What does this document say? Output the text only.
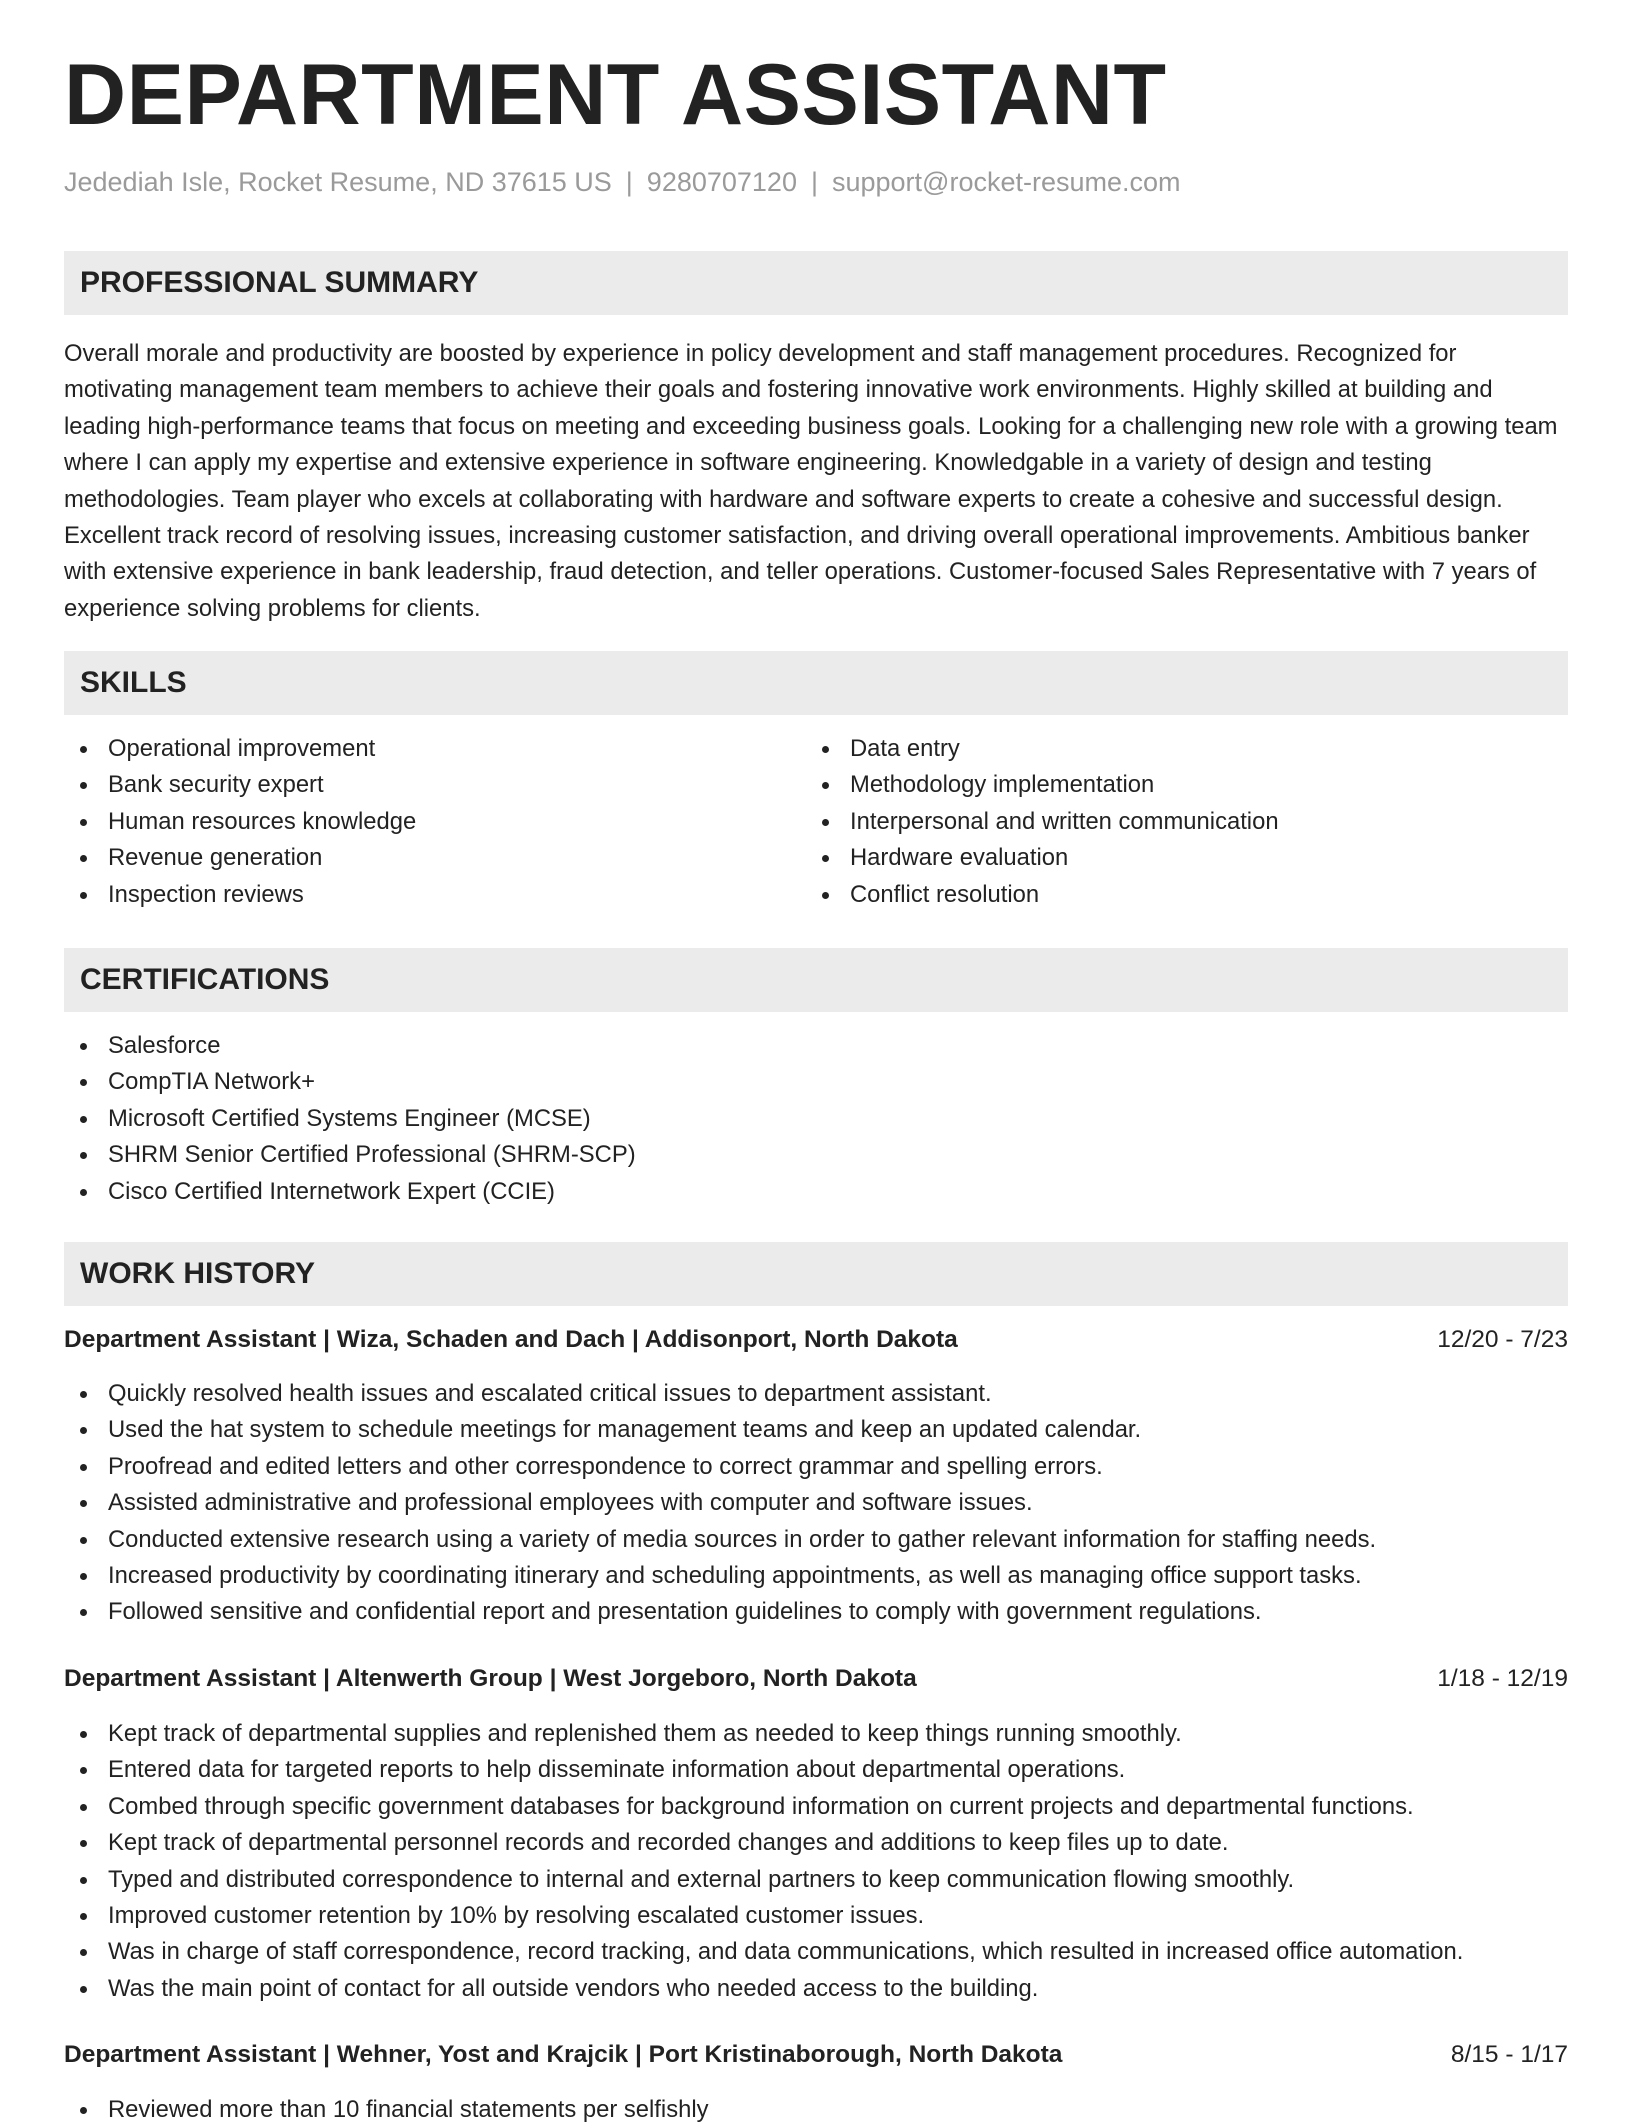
DEPARTMENT ASSISTANT
Jedediah Isle, Rocket Resume, ND 37615 US | 9280707120 | support@rocket-resume.com
PROFESSIONAL SUMMARY

Overall morale and productivity are boosted by experience in policy development and staff management procedures. Recognized for motivating management team members to achieve their goals and fostering innovative work environments. Highly skilled at building and leading high-performance teams that focus on meeting and exceeding business goals. Looking for a challenging new role with a growing team where I can apply my expertise and extensive experience in software engineering. Knowledgable in a variety of design and testing methodologies. Team player who excels at collaborating with hardware and software experts to create a cohesive and successful design. Excellent track record of resolving issues, increasing customer satisfaction, and driving overall operational improvements. Ambitious banker with extensive experience in bank leadership, fraud detection, and teller operations. Customer-focused Sales Representative with 7 years of experience solving problems for clients.

SKILLS
Operational improvement
Bank security expert
Human resources knowledge
Revenue generation
Inspection reviews
Data entry
Methodology implementation
Interpersonal and written communication
Hardware evaluation
Conflict resolution
CERTIFICATIONS
Salesforce
CompTIA Network+
Microsoft Certified Systems Engineer (MCSE)
SHRM Senior Certified Professional (SHRM-SCP)
Cisco Certified Internetwork Expert (CCIE)
WORK HISTORY
Department Assistant | Wiza, Schaden and Dach | Addisonport, North Dakota	12/20 - 7/23
Quickly resolved health issues and escalated critical issues to department assistant.
Used the hat system to schedule meetings for management teams and keep an updated calendar.
Proofread and edited letters and other correspondence to correct grammar and spelling errors.
Assisted administrative and professional employees with computer and software issues.
Conducted extensive research using a variety of media sources in order to gather relevant information for staffing needs.
Increased productivity by coordinating itinerary and scheduling appointments, as well as managing office support tasks.
Followed sensitive and confidential report and presentation guidelines to comply with government regulations.
Department Assistant | Altenwerth Group | West Jorgeboro, North Dakota	1/18 - 12/19
Kept track of departmental supplies and replenished them as needed to keep things running smoothly.
Entered data for targeted reports to help disseminate information about departmental operations.
Combed through specific government databases for background information on current projects and departmental functions.
Kept track of departmental personnel records and recorded changes and additions to keep files up to date.
Typed and distributed correspondence to internal and external partners to keep communication flowing smoothly.
Improved customer retention by 10% by resolving escalated customer issues.
Was in charge of staff correspondence, record tracking, and data communications, which resulted in increased office automation.
Was the main point of contact for all outside vendors who needed access to the building.
Department Assistant | Wehner, Yost and Krajcik | Port Kristinaborough, North Dakota	8/15 - 1/17
Reviewed more than 10 financial statements per selfishly
